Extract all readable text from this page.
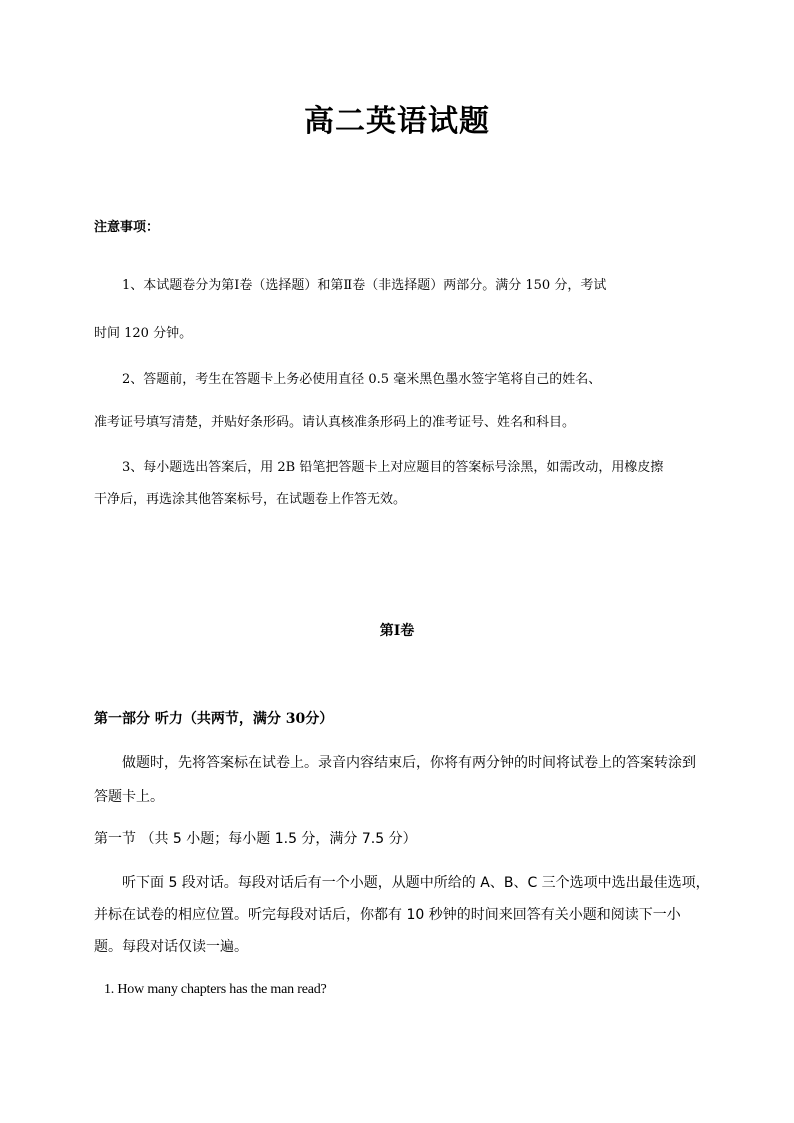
高二英语试题
注意事项：
1、本试题卷分为第Ⅰ卷（选择题）和第Ⅱ卷（非选择题）两部分。满分 150 分，考试
时间 120 分钟。
2、答题前，考生在答题卡上务必使用直径 0.5 毫米黑色墨水签字笔将自己的姓名、
准考证号填写清楚，并贴好条形码。请认真核准条形码上的准考证号、姓名和科目。
3、每小题选出答案后，用 2B 铅笔把答题卡上对应题目的答案标号涂黑，如需改动，用橡皮擦
干净后，再选涂其他答案标号，在试题卷上作答无效。
第Ⅰ卷
第一部分 听力（共两节，满分 30分）
做题时，先将答案标在试卷上。录音内容结束后，你将有两分钟的时间将试卷上的答案转涂到
答题卡上。
第一节 （共 5 小题；每小题 1.5 分，满分 7.5 分）
听下面 5 段对话。每段对话后有一个小题，从题中所给的 A、B、C 三个选项中选出最佳选项，
并标在试卷的相应位置。听完每段对话后，你都有 10 秒钟的时间来回答有关小题和阅读下一小
题。每段对话仅读一遍。
1. How many chapters has the man read?
